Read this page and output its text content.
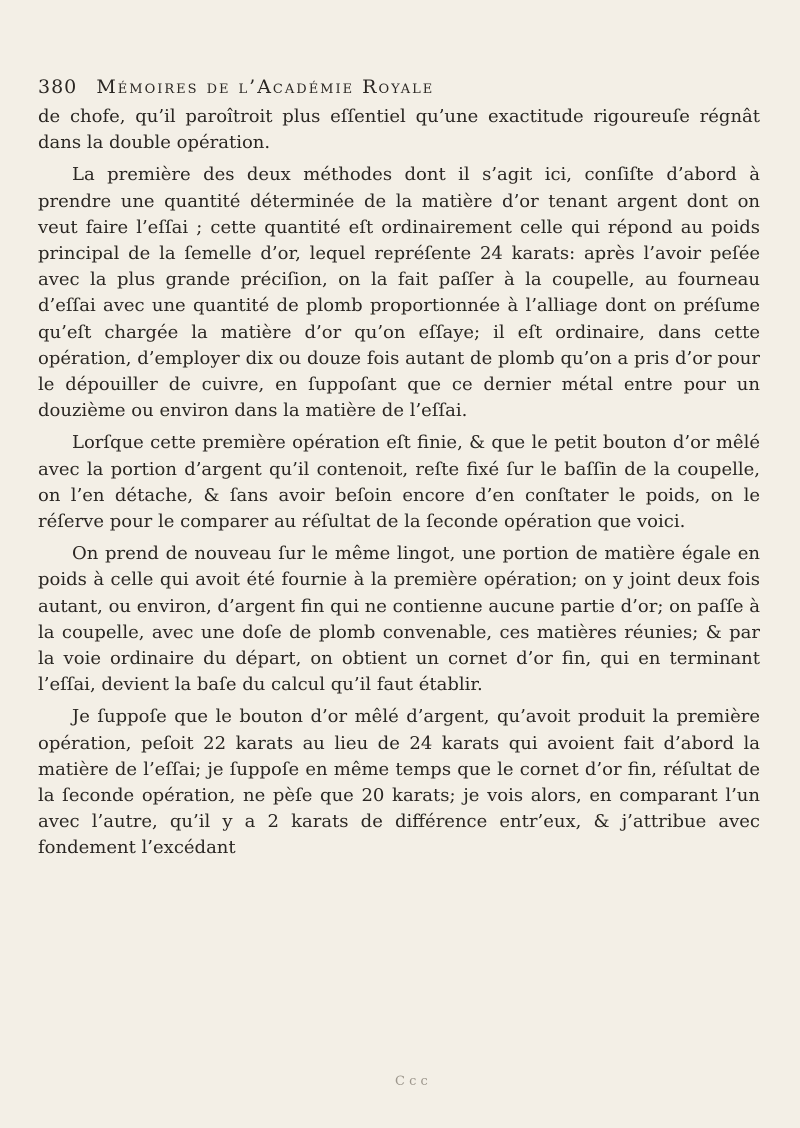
380 Mémoires de l’Académie Royale

de chofe, qu’il paroîtroit plus eſſentiel qu’une exactitude rigoureuſe régnât dans la double opération.

La première des deux méthodes dont il s’agit ici, conſiſte d’abord à prendre une quantité déterminée de la matière d’or tenant argent dont on veut faire l’eſſai ; cette quantité eſt ordinairement celle qui répond au poids principal de la ſemelle d’or, lequel repréſente 24 karats: après l’avoir peſée avec la plus grande préciſion, on la fait paſſer à la coupelle, au fourneau d’eſſai avec une quantité de plomb proportionnée à l’alliage dont on préſume qu’eſt chargée la matière d’or qu’on eſſaye; il eſt ordinaire, dans cette opération, d’employer dix ou douze fois autant de plomb qu’on a pris d’or pour le dépouiller de cuivre, en ſuppoſant que ce dernier métal entre pour un douzième ou environ dans la matière de l’eſſai.

Lorſque cette première opération eſt finie, & que le petit bouton d’or mêlé avec la portion d’argent qu’il contenoit, reſte fixé ſur le baſſin de la coupelle, on l’en détache, & ſans avoir beſoin encore d’en conſtater le poids, on le réſerve pour le comparer au réſultat de la ſeconde opération que voici.

On prend de nouveau ſur le même lingot, une portion de matière égale en poids à celle qui avoit été fournie à la première opération; on y joint deux fois autant, ou environ, d’argent fin qui ne contienne aucune partie d’or; on paſſe à la coupelle, avec une doſe de plomb convenable, ces matières réunies; & par la voie ordinaire du départ, on obtient un cornet d’or fin, qui en terminant l’eſſai, devient la baſe du calcul qu’il faut établir.

Je ſuppoſe que le bouton d’or mêlé d’argent, qu’avoit produit la première opération, peſoit 22 karats au lieu de 24 karats qui avoient fait d’abord la matière de l’eſſai; je ſuppoſe en même temps que le cornet d’or fin, réſultat de la ſeconde opération, ne pèſe que 20 karats; je vois alors, en comparant l’un avec l’autre, qu’il y a 2 karats de différence entr’eux, & j’attribue avec fondement l’excédant

C c c
